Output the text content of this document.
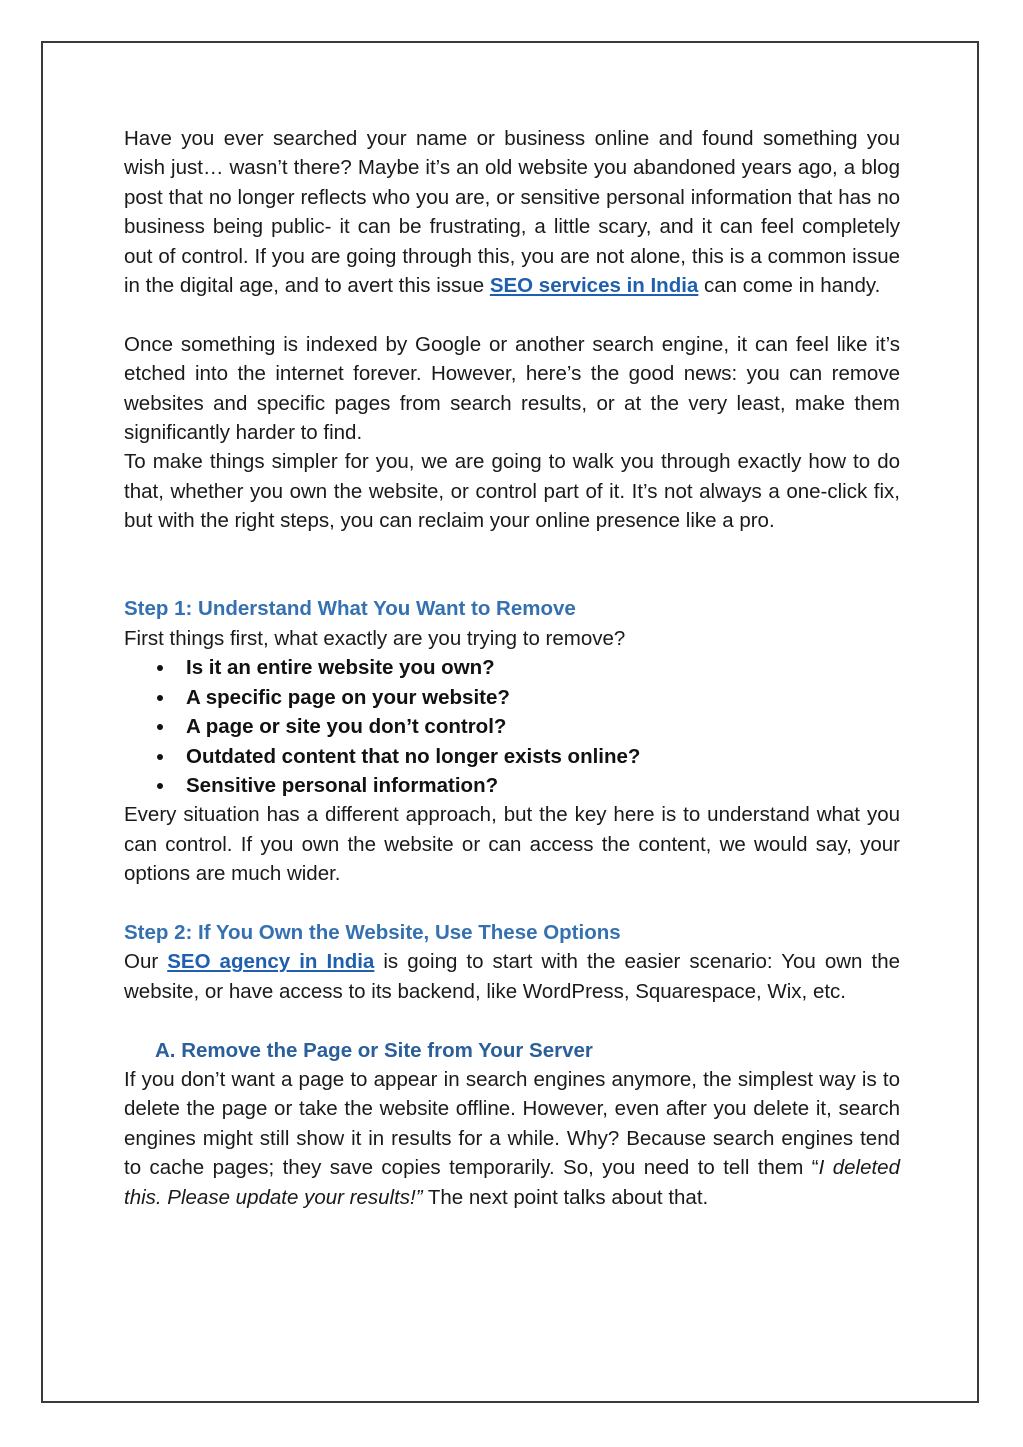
Have you ever searched your name or business online and found something you wish just… wasn’t there? Maybe it’s an old website you abandoned years ago, a blog post that no longer reflects who you are, or sensitive personal information that has no business being public- it can be frustrating, a little scary, and it can feel completely out of control. If you are going through this, you are not alone, this is a common issue in the digital age, and to avert this issue SEO services in India can come in handy.

Once something is indexed by Google or another search engine, it can feel like it’s etched into the internet forever. However, here’s the good news: you can remove websites and specific pages from search results, or at the very least, make them significantly harder to find.

To make things simpler for you, we are going to walk you through exactly how to do that, whether you own the website, or control part of it. It’s not always a one-click fix, but with the right steps, you can reclaim your online presence like a pro.

Step 1: Understand What You Want to Remove

First things first, what exactly are you trying to remove?

Is it an entire website you own?
A specific page on your website?
A page or site you don’t control?
Outdated content that no longer exists online?
Sensitive personal information?

Every situation has a different approach, but the key here is to understand what you can control. If you own the website or can access the content, we would say, your options are much wider.

Step 2: If You Own the Website, Use These Options

Our SEO agency in India is going to start with the easier scenario: You own the website, or have access to its backend, like WordPress, Squarespace, Wix, etc.

A. Remove the Page or Site from Your Server

If you don’t want a page to appear in search engines anymore, the simplest way is to delete the page or take the website offline. However, even after you delete it, search engines might still show it in results for a while. Why? Because search engines tend to cache pages; they save copies temporarily. So, you need to tell them “I deleted this. Please update your results!” The next point talks about that.
